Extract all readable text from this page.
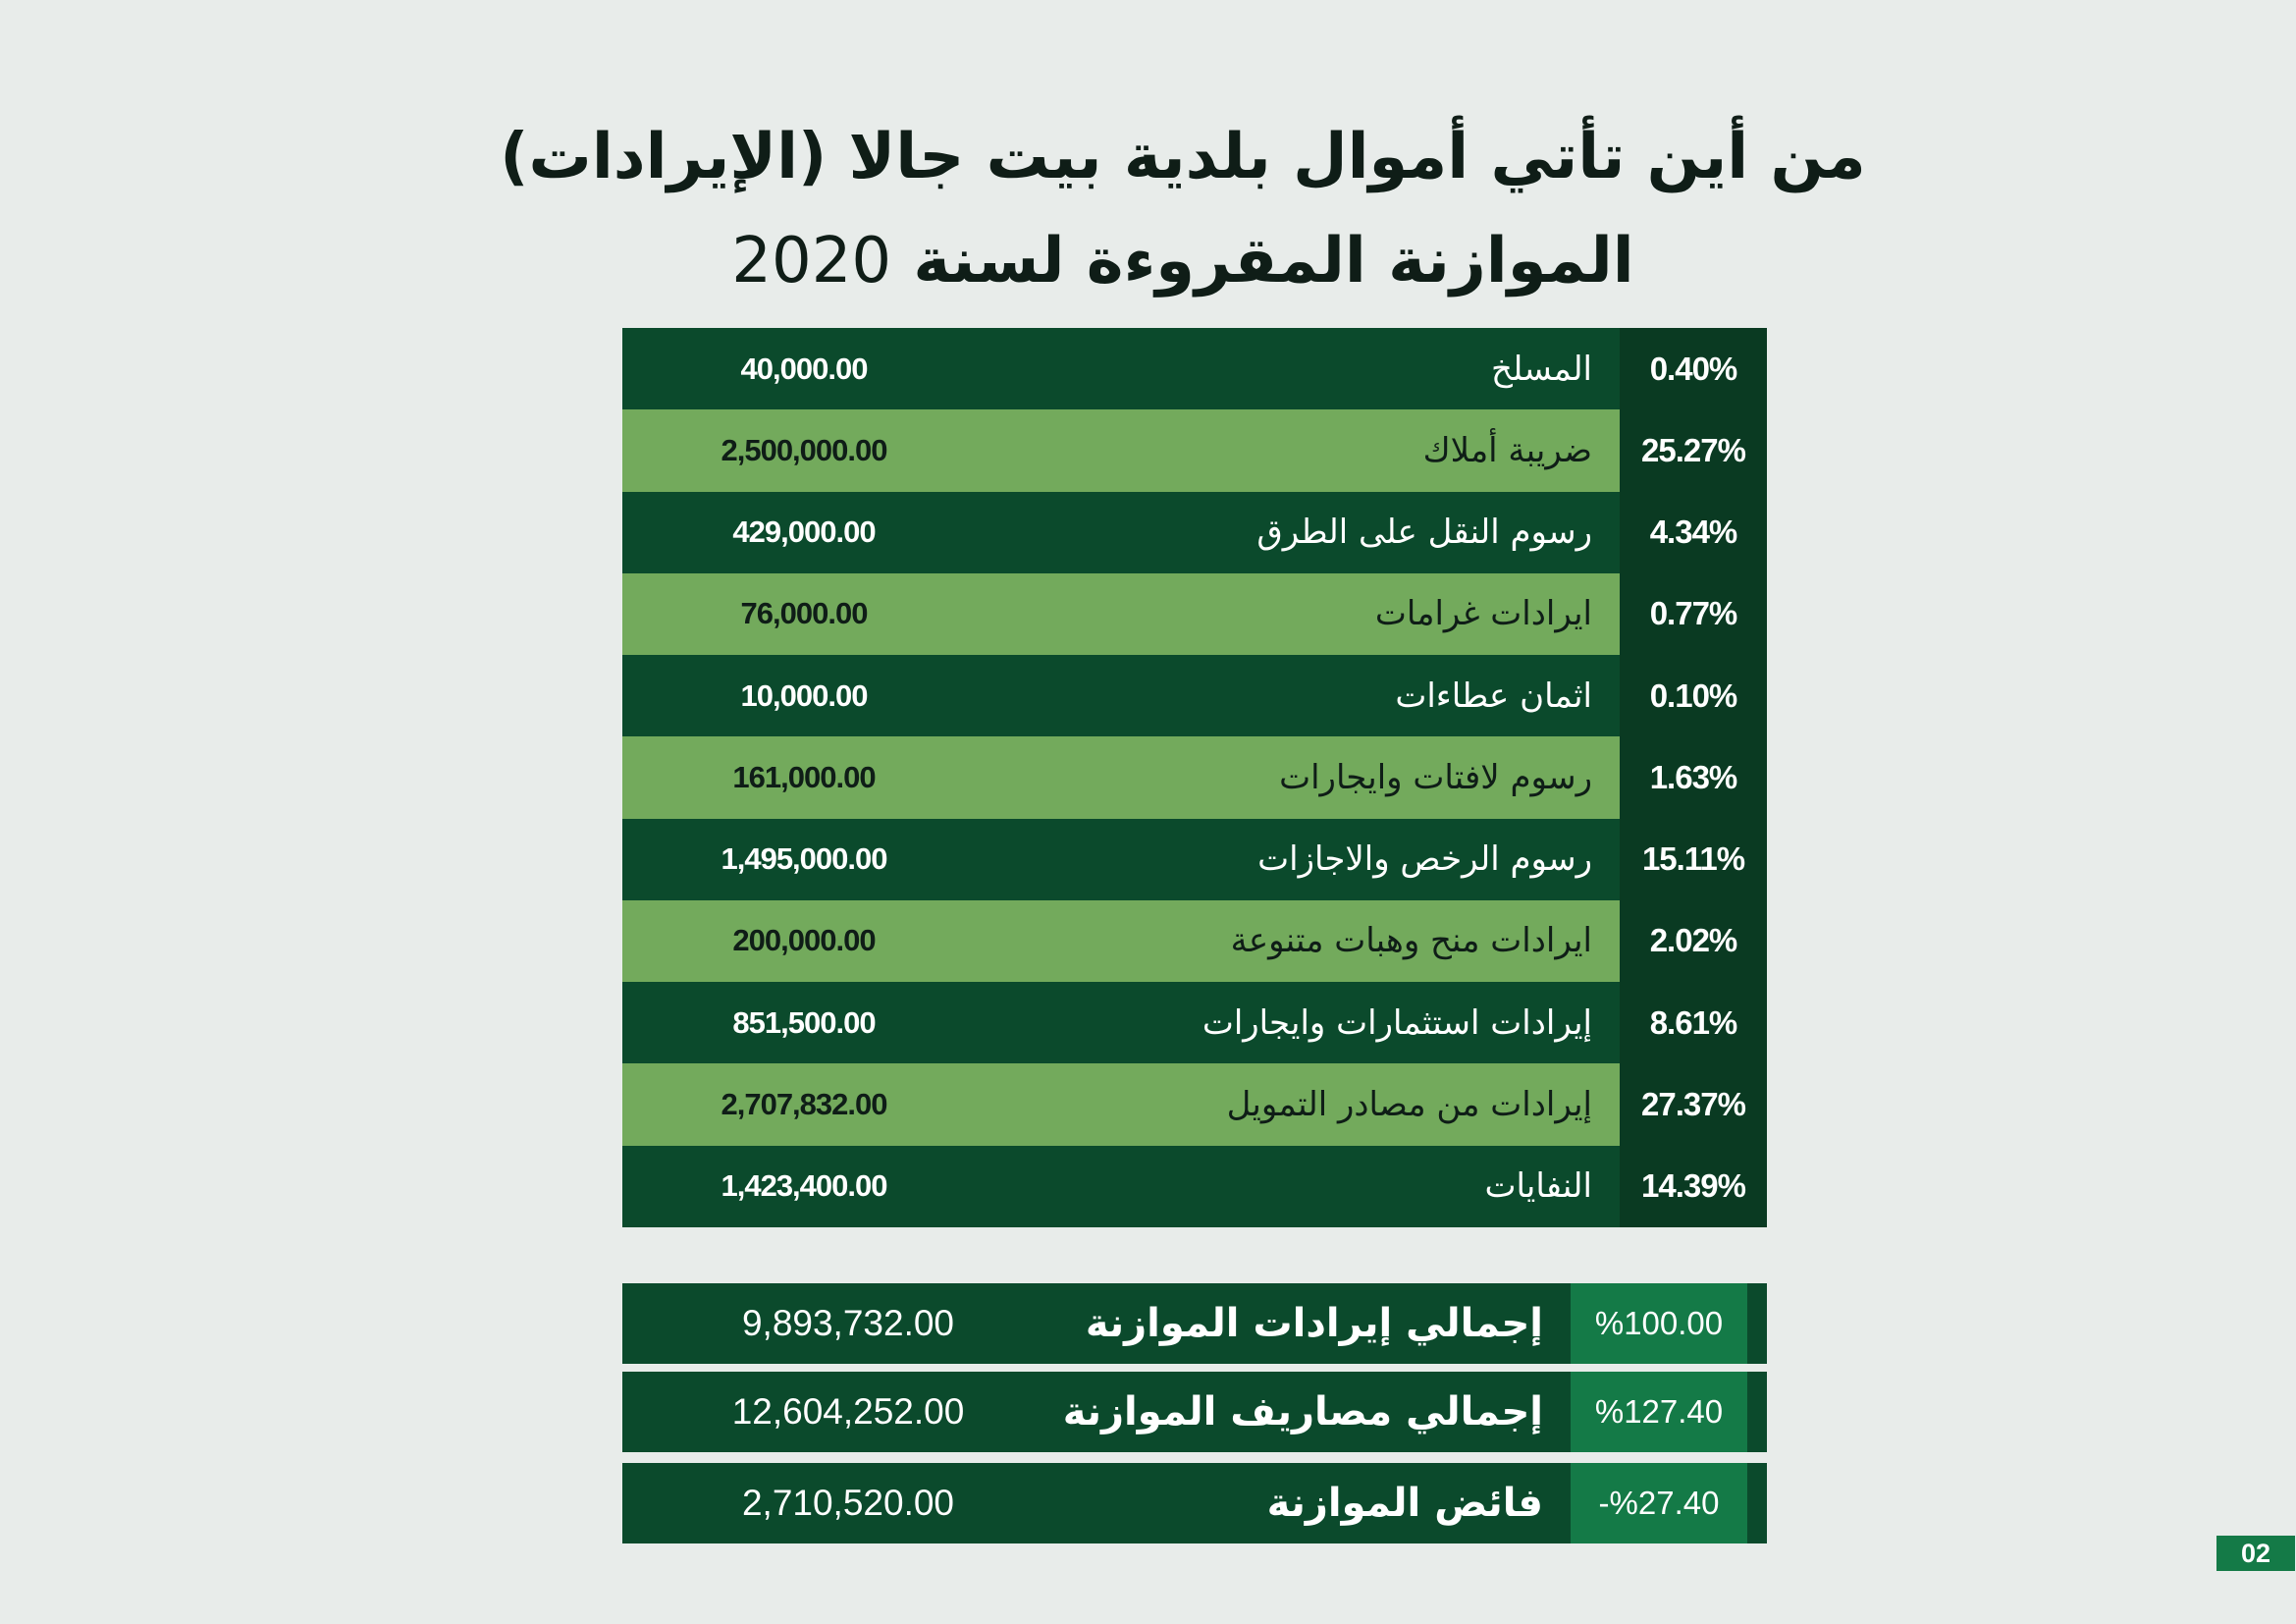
من أين تأتي أموال بلدية بيت جالا (الإيرادات)
الموازنة المقروءة لسنة 2020
0.40%
المسلخ
40,000.00
25.27%
ضريبة أملاك
2,500,000.00
4.34%
رسوم النقل على الطرق
429,000.00
0.77%
ايرادات غرامات
76,000.00
0.10%
اثمان عطاءات
10,000.00
1.63%
رسوم لافتات وايجارات
161,000.00
15.11%
رسوم الرخص والاجازات
1,495,000.00
2.02%
ايرادات منح وهبات متنوعة
200,000.00
8.61%
إيرادات استثمارات وايجارات
851,500.00
27.37%
إيرادات من مصادر التمويل
2,707,832.00
14.39%
النفايات
1,423,400.00
%100.00
إجمالي إيرادات الموازنة
9,893,732.00
%127.40
إجمالي مصاريف الموازنة
12,604,252.00
-%27.40
فائض الموازنة
2,710,520.00
02
